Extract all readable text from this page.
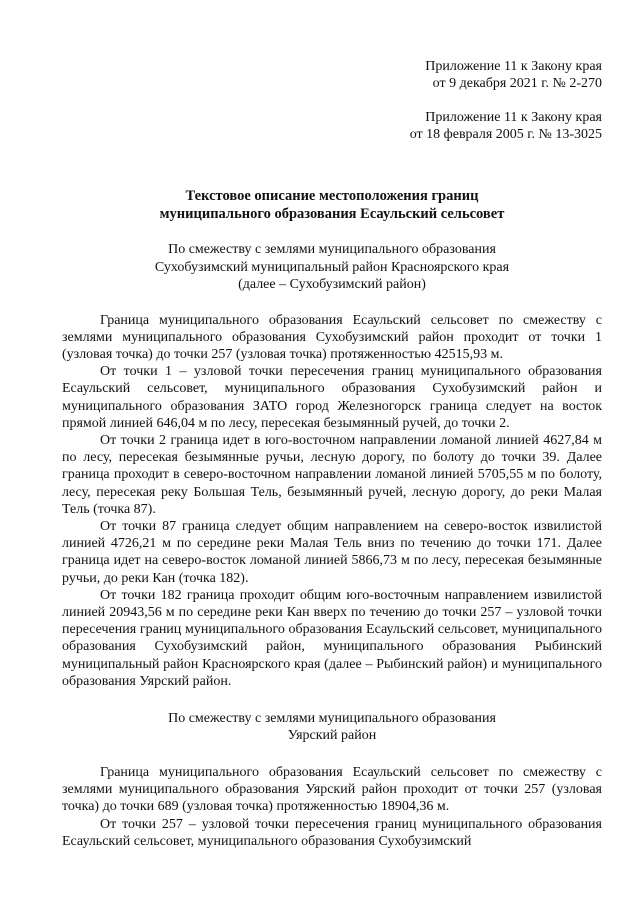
Приложение 11 к Закону края
от 9 декабря 2021 г. № 2-270
Приложение 11 к Закону края
от 18 февраля 2005 г. № 13-3025
Текстовое описание местоположения границ
муниципального образования Есаульский сельсовет
По смежеству с землями муниципального образования
Сухобузимский муниципальный район Красноярского края
(далее – Сухобузимский район)

Граница муниципального образования Есаульский сельсовет по смежеству с землями муниципального образования Сухобузимский район проходит от точки 1 (узловая точка) до точки 257 (узловая точка) протяженностью 42515,93 м.

От точки 1 – узловой точки пересечения границ муниципального образования Есаульский сельсовет, муниципального образования Сухобузимский район и муниципального образования ЗАТО город Железногорск граница следует на восток прямой линией 646,04 м по лесу, пересекая безымянный ручей, до точки 2.

От точки 2 граница идет в юго-восточном направлении ломаной линией 4627,84 м по лесу, пересекая безымянные ручьи, лесную дорогу, по болоту до точки 39. Далее граница проходит в северо-восточном направлении ломаной линией 5705,55 м по болоту, лесу, пересекая реку Большая Тель, безымянный ручей, лесную дорогу, до реки Малая Тель (точка 87).

От точки 87 граница следует общим направлением на северо-восток извилистой линией 4726,21 м по середине реки Малая Тель вниз по течению до точки 171. Далее граница идет на северо-восток ломаной линией 5866,73 м по лесу, пересекая безымянные ручьи, до реки Кан (точка 182).

От точки 182 граница проходит общим юго-восточным направлением извилистой линией 20943,56 м по середине реки Кан вверх по течению до точки 257 – узловой точки пересечения границ муниципального образования Есаульский сельсовет, муниципального образования Сухобузимский район, муниципального образования Рыбинский муниципальный район Красноярского края (далее – Рыбинский район) и муниципального образования Уярский район.

По смежеству с землями муниципального образования
Уярский район

Граница муниципального образования Есаульский сельсовет по смежеству с землями муниципального образования Уярский район проходит от точки 257 (узловая точка) до точки 689 (узловая точка) протяженностью 18904,36 м.

От точки 257 – узловой точки пересечения границ муниципального образования Есаульский сельсовет, муниципального образования Сухобузимский
